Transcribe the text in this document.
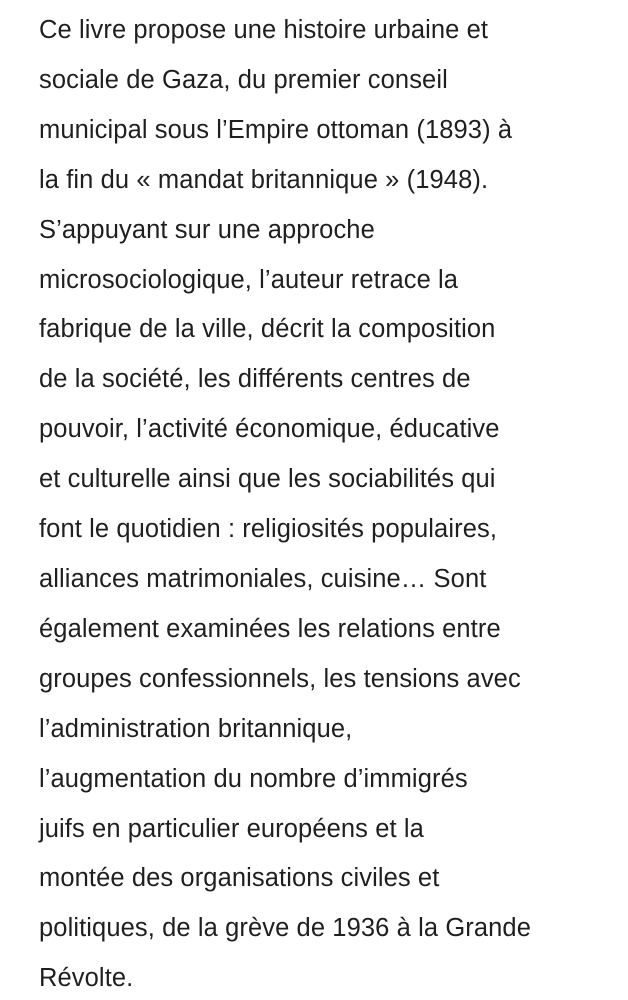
Ce livre propose une histoire urbaine et
sociale de Gaza, du premier conseil
municipal sous l’Empire ottoman (1893) à
la fin du « mandat britannique » (1948).
S’appuyant sur une approche
microsociologique, l’auteur retrace la
fabrique de la ville, décrit la composition
de la société, les différents centres de
pouvoir, l’activité économique, éducative
et culturelle ainsi que les sociabilités qui
font le quotidien : religiosités populaires,
alliances matrimoniales, cuisine… Sont
également examinées les relations entre
groupes confessionnels, les tensions avec
l’administration britannique,
l’augmentation du nombre d’immigrés
juifs en particulier européens et la
montée des organisations civiles et
politiques, de la grève de 1936 à la Grande
Révolte.
